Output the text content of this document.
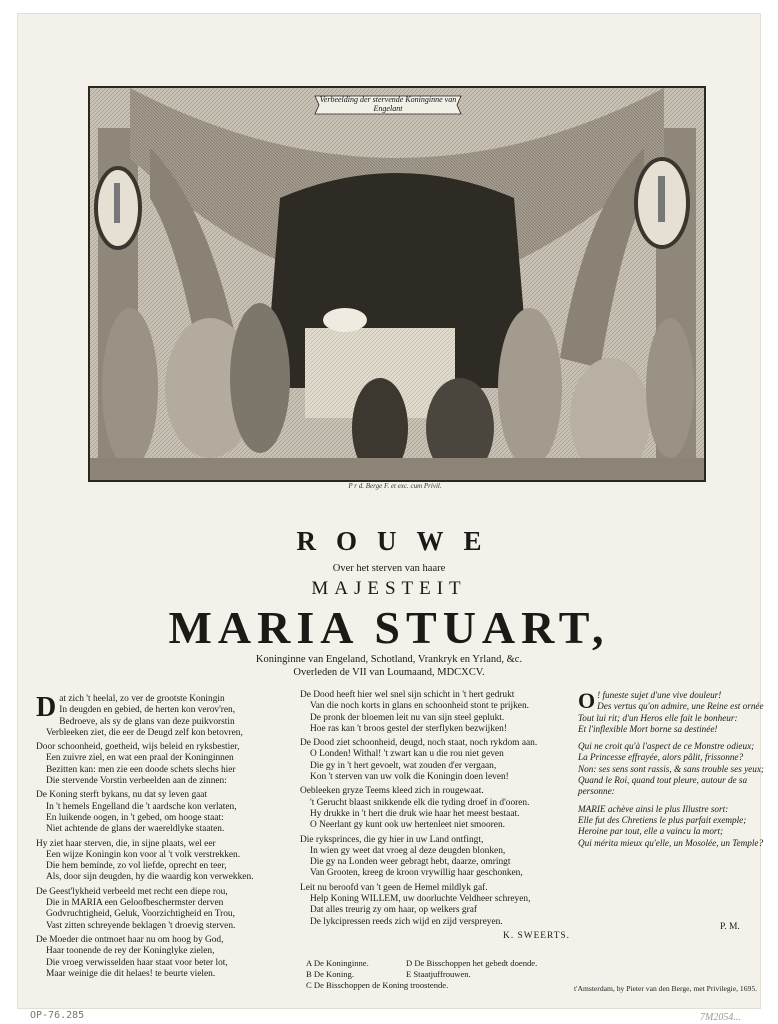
Verbeelding der stervende Koninginne van Engelant
P r d. Berge F. et exc. cum Privil.
ROUWE
Over het sterven van haare
MAJESTEIT
MARIA STUART,
Koninginne van Engeland, Schotland, Vrankryk en Yrland, &c.
Overleden de VII van Loumaand, MDCXCV.
D at zich 't heelal, zo ver de grootste Koningin
In deugden en gebied, de herten kon verov'ren,
Bedroeve, als sy de glans van deze puikvorstin
Verbleeken ziet, die eer de Deugd zelf kon betovren,

Door schoonheid, goetheid, wijs beleid en ryksbestier,
Een zuivre ziel, en wat een praal der Koninginnen
Bezitten kan: men zie een doode schets slechs hier
Die stervende Vorstin verbeelden aan de zinnen:

De Koning sterft bykans, nu dat sy leven gaat
In 't hemels Engelland die 't aardsche kon verlaten,
En luikende oogen, in 't gebed, om hooge staat:
Niet achtende de glans der waereldlyke staaten.

Hy ziet haar sterven, die, in sijne plaats, wel eer
Een wijze Koningin kon voor al 't volk verstrekken.
Die hem bemínde, zo vol liefde, oprecht en teer,
Als, door sijn deugden, hy die waardig kon verwekken.

De Geest'lykheid verbeeld met recht een diepe rou,
Die in MARIA een Geloofbeschermster derven
Godvruchtigheid, Geluk, Voorzichtigheid en Trou,
Vast zitten schreyende beklagen 't droevig sterven.

De Moeder die ontmoet haar nu om hoog by God,
Haar toonende de rey der Koninglyke zielen,
Die vroeg verwisselden haar staat voor beter lot,
Maar weinige die dit helaes! te beurte vielen.

De Dood heeft hier wel snel sijn schicht in 't hert gedrukt
Van die noch korts in glans en schoonheid stont te prijken.
De pronk der bloemen leit nu van sijn steel geplukt.
Hoe ras kan 't broos gestel der sterflyken bezwijken!

De Dood ziet schoonheid, deugd, noch staat, noch rykdom aan.
O Londen! Withal! 't zwart kan u die rou niet geven
Die gy in 't hert gevoelt, wat zouden d'er vergaan,
Kon 't sterven van uw volk die Koningin doen leven!

Oebleeken gryze Teems kleed zich in rougewaat.
't Gerucht blaast snikkende elk die tyding droef in d'ooren.
Hy drukke in 't hert die druk wie haar het meest bestaat.
O Neerlant gy kunt ook uw hertenleet niet smooren.

Die ryksprinces, die gy hier in uw Land ontfingt,
In wien gy weet dat vroeg al deze deugden blonken,
Die gy na Londen weer gebragt hebt, daarze, omringt
Van Grooten, kreeg de kroon vrywillig haar geschonken,

Leit nu beroofd van 't geen de Hemel mildlyk gaf.
Help Koning WILLEM, uw doorluchte Veldheer schreyen,
Dat alles treurig zy om haar, op welkers graf
De lykcipressen reeds zich wijd en zijd verspreyen.

K. SWEERTS.

A De Koninginne.	D De Bisschoppen het gebedt doende.
B De Koning.	E Staatjuffrouwen.
C De Bisschoppen de Koning troostende.
O ! funeste sujet d'une vive douleur!
Des vertus qu'on admire, une Reine est ornée
Tout lui rit; d'un Heros elle fait le bonheur:
Et l'inflexible Mort borne sa destinée!
Qui ne croit qu'à l'aspect de ce Monstre odieux;
La Princesse effrayée, alors pâlit, frissonne?
Non: ses sens sont rassis, & sans trouble ses yeux;
Quand le Roi, quand tout pleure, autour de sa personne:
MARIE achève ainsi le plus Illustre sort:
Elle fut des Chretiens le plus parfait exemple;
Heroine par tout, elle a vaincu la mort;
Qui mérita mieux qu'elle, un Mosolée, un Temple?
P. M.
t'Amsterdam, by Pieter van den Berge, met Privilegie, 1695.
OP-76.285	7M2054...
